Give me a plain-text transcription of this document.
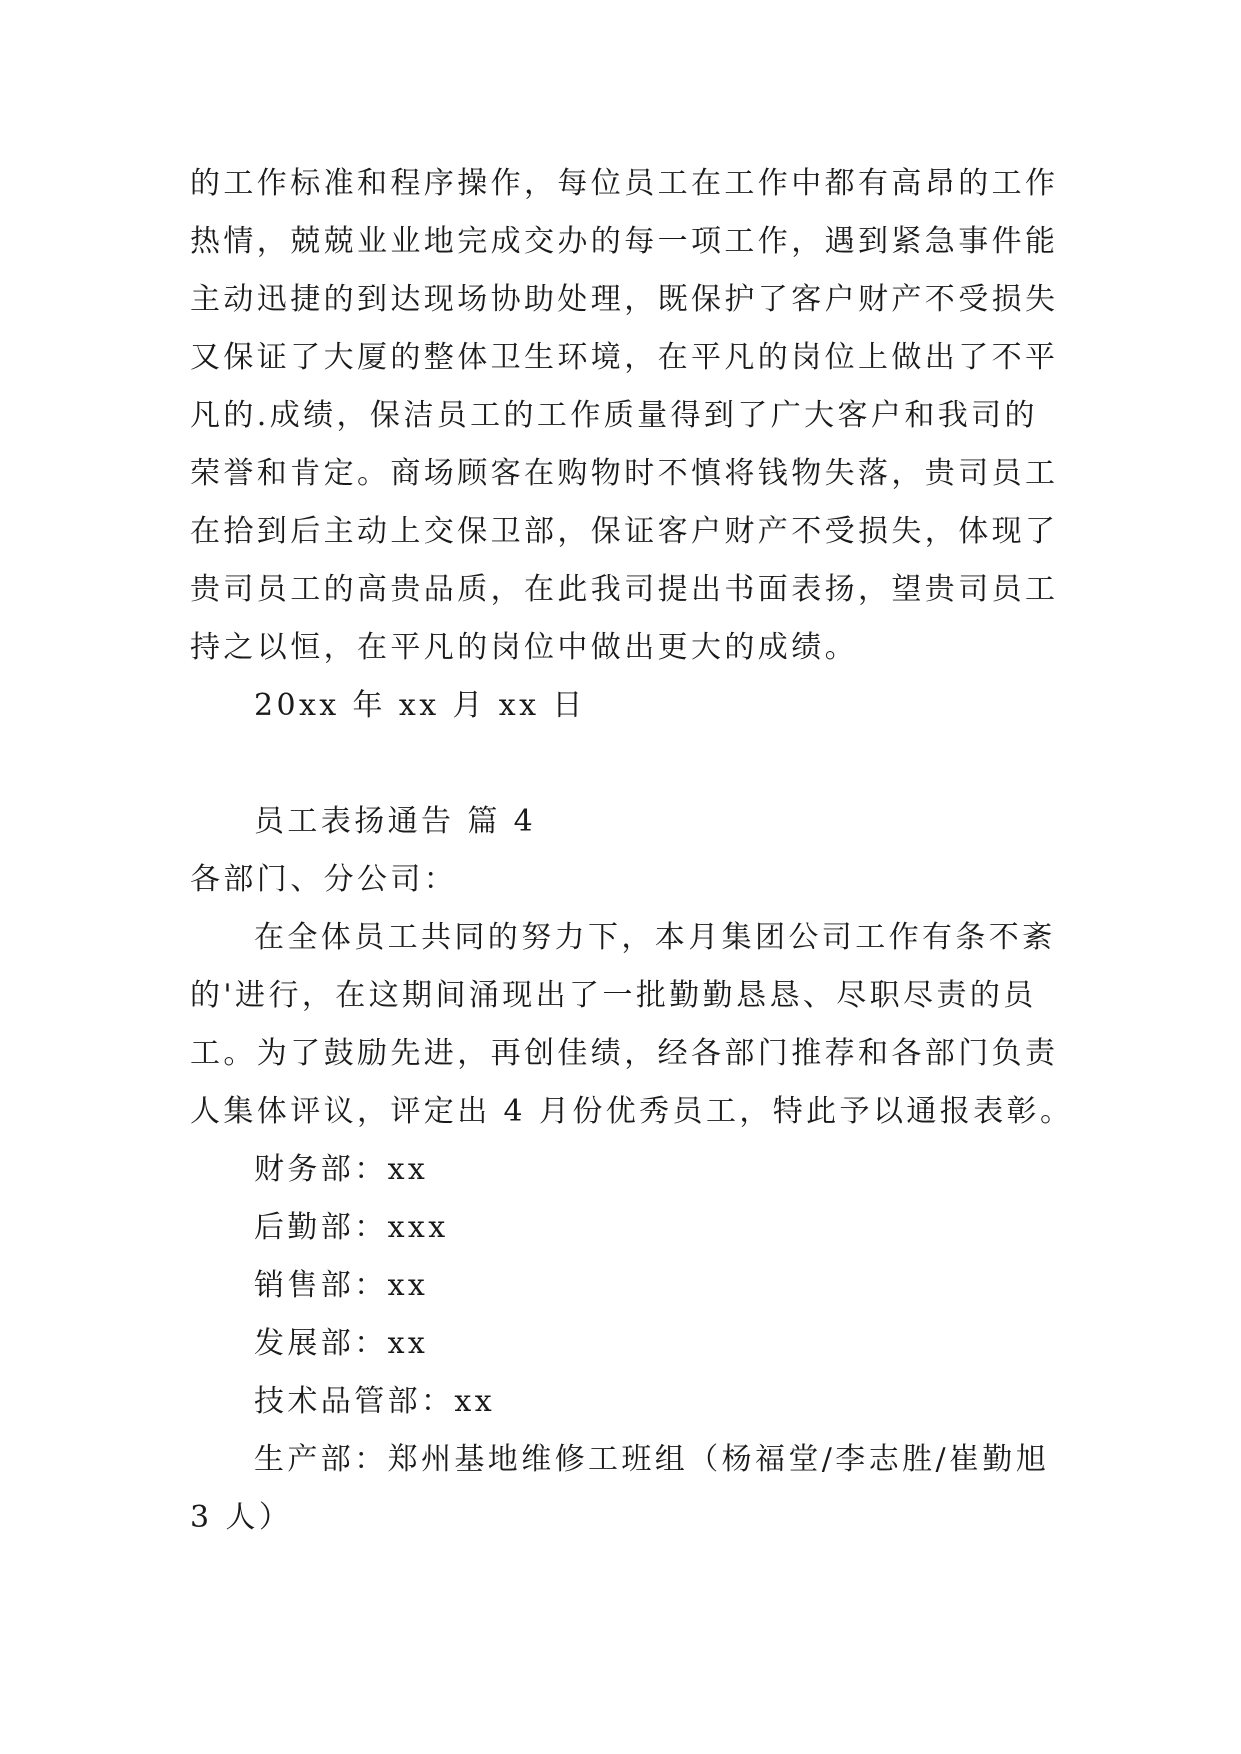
的工作标准和程序操作，每位员工在工作中都有高昂的工作
热情，兢兢业业地完成交办的每一项工作，遇到紧急事件能
主动迅捷的到达现场协助处理，既保护了客户财产不受损失
又保证了大厦的整体卫生环境，在平凡的岗位上做出了不平
凡的.成绩，保洁员工的工作质量得到了广大客户和我司的
荣誉和肯定。商场顾客在购物时不慎将钱物失落，贵司员工
在拾到后主动上交保卫部，保证客户财产不受损失，体现了
贵司员工的高贵品质，在此我司提出书面表扬，望贵司员工
持之以恒，在平凡的岗位中做出更大的成绩。
20xx 年 xx 月 xx 日
员工表扬通告 篇 4
各部门、分公司：
在全体员工共同的努力下，本月集团公司工作有条不紊
的'进行，在这期间涌现出了一批勤勤恳恳、尽职尽责的员
工。为了鼓励先进，再创佳绩，经各部门推荐和各部门负责
人集体评议，评定出 4 月份优秀员工，特此予以通报表彰。
财务部：xx
后勤部：xxx
销售部：xx
发展部：xx
技术品管部：xx
生产部：郑州基地维修工班组（杨福堂/李志胜/崔勤旭
3 人）
